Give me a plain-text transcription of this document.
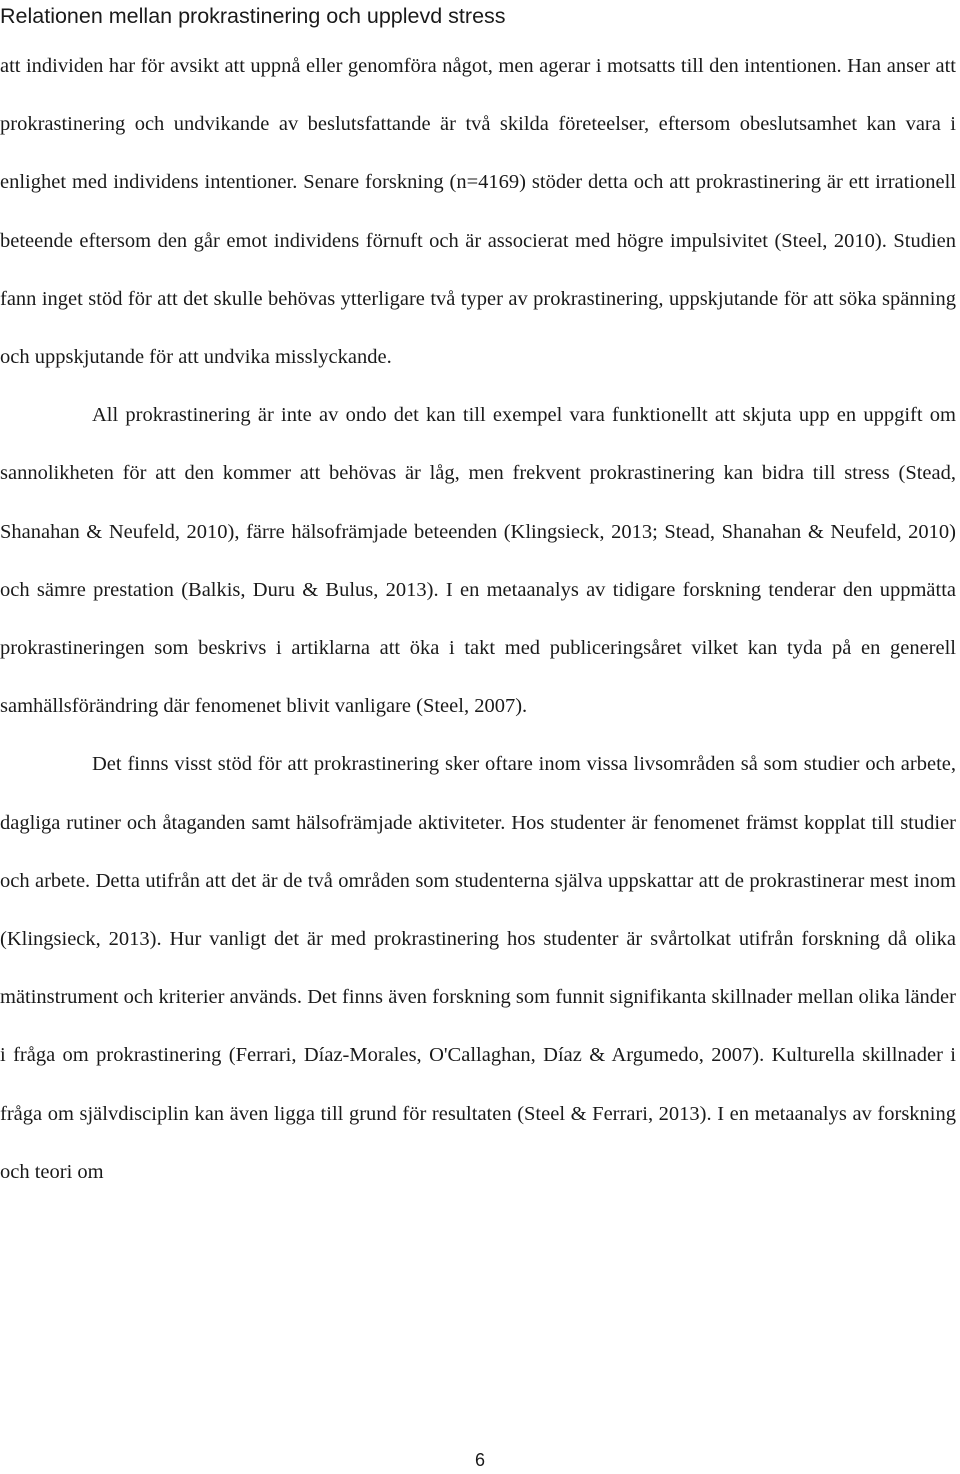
Relationen mellan prokrastinering och upplevd stress

att individen har för avsikt att uppnå eller genomföra något, men agerar i motsatts till den intentionen. Han anser att prokrastinering och undvikande av beslutsfattande är två skilda företeelser, eftersom obeslutsamhet kan vara i enlighet med individens intentioner. Senare forskning (n=4169) stöder detta och att prokrastinering är ett irrationell beteende eftersom den går emot individens förnuft och är associerat med högre impulsivitet (Steel, 2010). Studien fann inget stöd för att det skulle behövas ytterligare två typer av prokrastinering, uppskjutande för att söka spänning och uppskjutande för att undvika misslyckande.

All prokrastinering är inte av ondo det kan till exempel vara funktionellt att skjuta upp en uppgift om sannolikheten för att den kommer att behövas är låg, men frekvent prokrastinering kan bidra till stress (Stead, Shanahan & Neufeld, 2010), färre hälsofrämjade beteenden (Klingsieck, 2013; Stead, Shanahan & Neufeld, 2010) och sämre prestation (Balkis, Duru & Bulus, 2013). I en metaanalys av tidigare forskning tenderar den uppmätta prokrastineringen som beskrivs i artiklarna att öka i takt med publiceringsåret vilket kan tyda på en generell samhällsförändring där fenomenet blivit vanligare (Steel, 2007).

Det finns visst stöd för att prokrastinering sker oftare inom vissa livsområden så som studier och arbete, dagliga rutiner och åtaganden samt hälsofrämjade aktiviteter. Hos studenter är fenomenet främst kopplat till studier och arbete. Detta utifrån att det är de två områden som studenterna själva uppskattar att de prokrastinerar mest inom (Klingsieck, 2013). Hur vanligt det är med prokrastinering hos studenter är svårtolkat utifrån forskning då olika mätinstrument och kriterier används. Det finns även forskning som funnit signifikanta skillnader mellan olika länder i fråga om prokrastinering (Ferrari, Díaz-Morales, O'Callaghan, Díaz & Argumedo, 2007). Kulturella skillnader i fråga om självdisciplin kan även ligga till grund för resultaten (Steel & Ferrari, 2013). I en metaanalys av forskning och teori om

6
